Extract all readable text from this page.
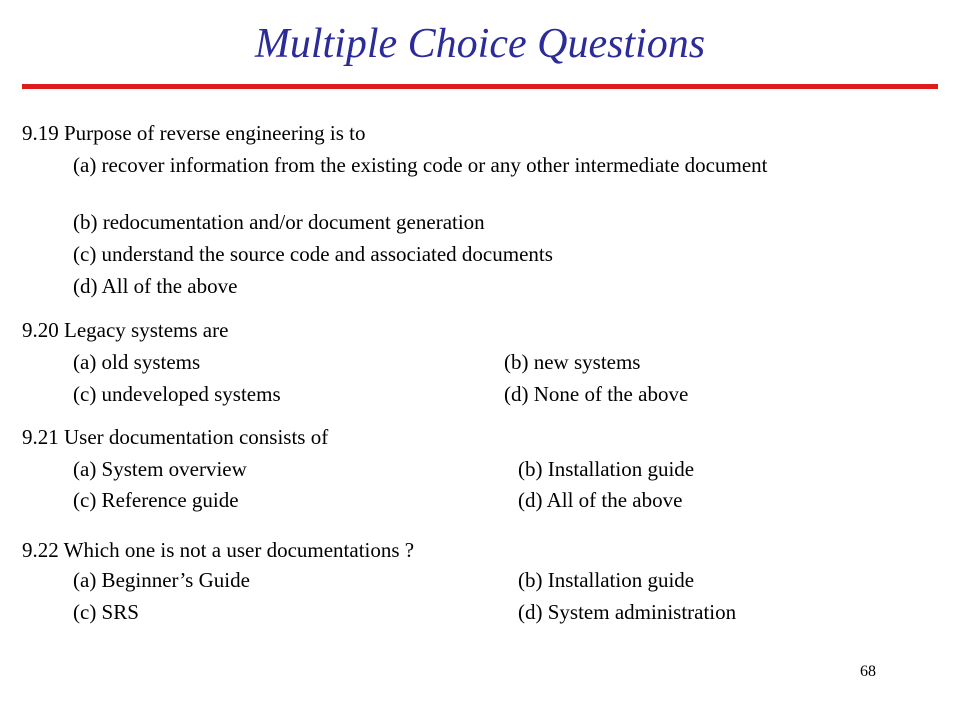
Multiple Choice Questions
9.19 Purpose of reverse engineering is to
(a) recover information from the existing code or any other intermediate document
(b) redocumentation and/or document generation
(c) understand the source code and associated documents
(d) All of the above
9.20 Legacy systems are
(a) old systems	(b) new systems
(c) undeveloped systems	(d) None of the above
9.21 User documentation consists of
(a) System overview	(b) Installation guide
(c) Reference guide	(d) All of the above
9.22 Which one is not a user documentations ?
(a) Beginner’s Guide	(b) Installation guide
(c) SRS	(d) System administration
68
